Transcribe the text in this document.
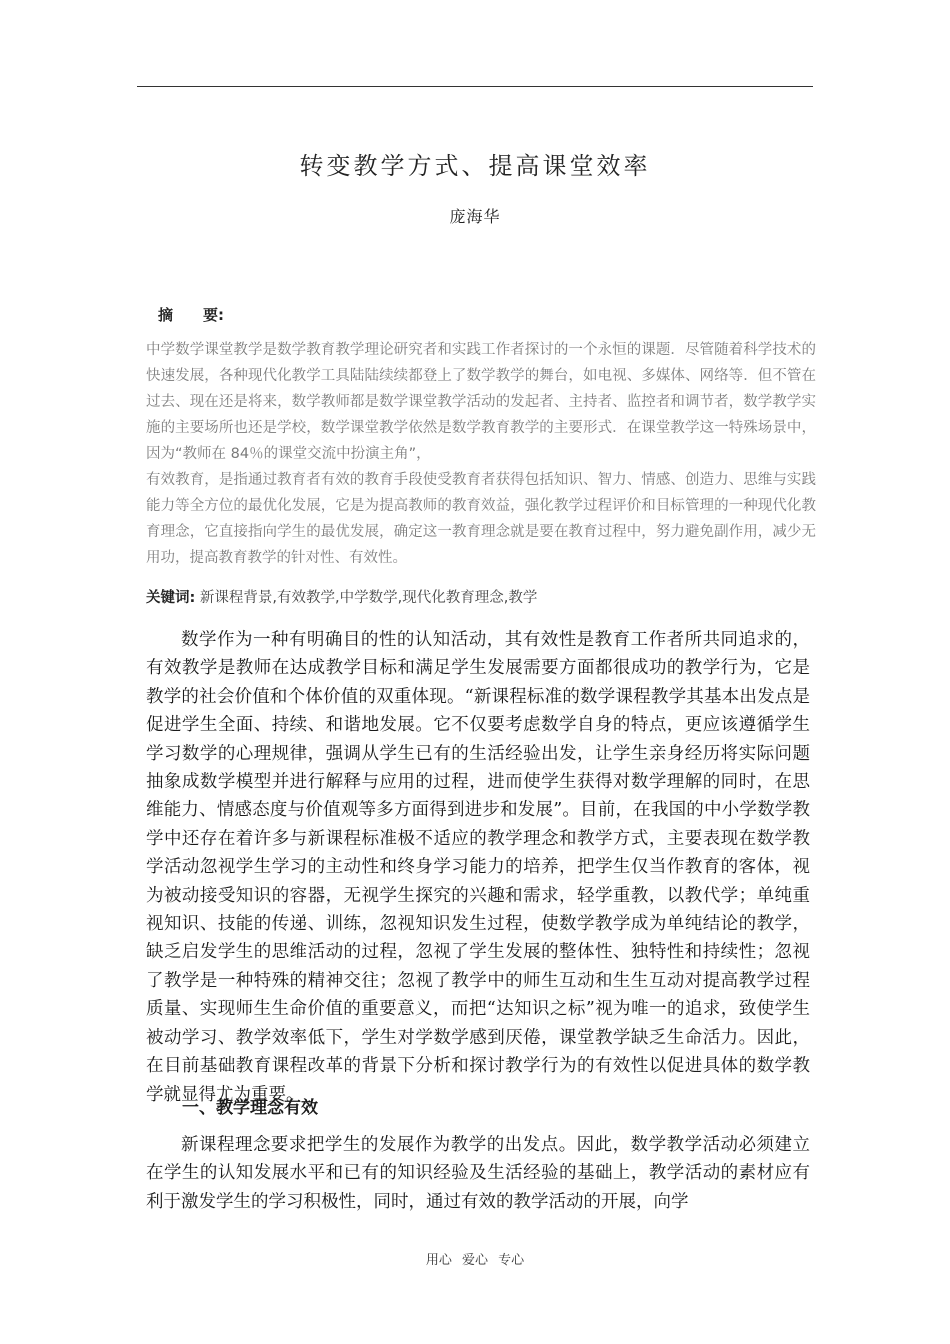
转变教学方式、提高课堂效率
庞海华
摘 要:

中学数学课堂教学是数学教育教学理论研究者和实践工作者探讨的一个永恒的课题．尽管随着科学技术的快速发展，各种现代化教学工具陆陆续续都登上了数学教学的舞台，如电视、多媒体、网络等．但不管在过去、现在还是将来，数学教师都是数学课堂教学活动的发起者、主持者、监控者和调节者，数学教学实施的主要场所也还是学校，数学课堂教学依然是数学教育教学的主要形式．在课堂教学这一特殊场景中，因为“教师在 84％的课堂交流中扮演主角”，

有效教育，是指通过教育者有效的教育手段使受教育者获得包括知识、智力、情感、创造力、思维与实践能力等全方位的最优化发展，它是为提高教师的教育效益，强化教学过程评价和目标管理的一种现代化教育理念，它直接指向学生的最优发展，确定这一教育理念就是要在教育过程中，努力避免副作用，减少无用功，提高教育教学的针对性、有效性。

关键词: 新课程背景,有效教学,中学数学,现代化教育理念,教学

数学作为一种有明确目的性的认知活动，其有效性是教育工作者所共同追求的，有效教学是教师在达成教学目标和满足学生发展需要方面都很成功的教学行为，它是教学的社会价值和个体价值的双重体现。“新课程标准的数学课程教学其基本出发点是促进学生全面、持续、和谐地发展。它不仅要考虑数学自身的特点，更应该遵循学生学习数学的心理规律，强调从学生已有的生活经验出发，让学生亲身经历将实际问题抽象成数学模型并进行解释与应用的过程，进而使学生获得对数学理解的同时，在思维能力、情感态度与价值观等多方面得到进步和发展”。目前，在我国的中小学数学教学中还存在着许多与新课程标准极不适应的教学理念和教学方式，主要表现在数学教学活动忽视学生学习的主动性和终身学习能力的培养，把学生仅当作教育的客体，视为被动接受知识的容器，无视学生探究的兴趣和需求，轻学重教，以教代学；单纯重视知识、技能的传递、训练，忽视知识发生过程，使数学教学成为单纯结论的教学，缺乏启发学生的思维活动的过程，忽视了学生发展的整体性、独特性和持续性；忽视了教学是一种特殊的精神交往；忽视了教学中的师生互动和生生互动对提高教学过程质量、实现师生生命价值的重要意义，而把“达知识之标”视为唯一的追求，致使学生被动学习、教学效率低下，学生对学数学感到厌倦，课堂教学缺乏生命活力。因此，在目前基础教育课程改革的背景下分析和探讨教学行为的有效性以促进具体的数学教学就显得尤为重要。

一、教学理念有效

新课程理念要求把学生的发展作为教学的出发点。因此，数学教学活动必须建立在学生的认知发展水平和已有的知识经验及生活经验的基础上，教学活动的素材应有利于激发学生的学习积极性，同时，通过有效的教学活动的开展，向学

用心 爱心 专心
